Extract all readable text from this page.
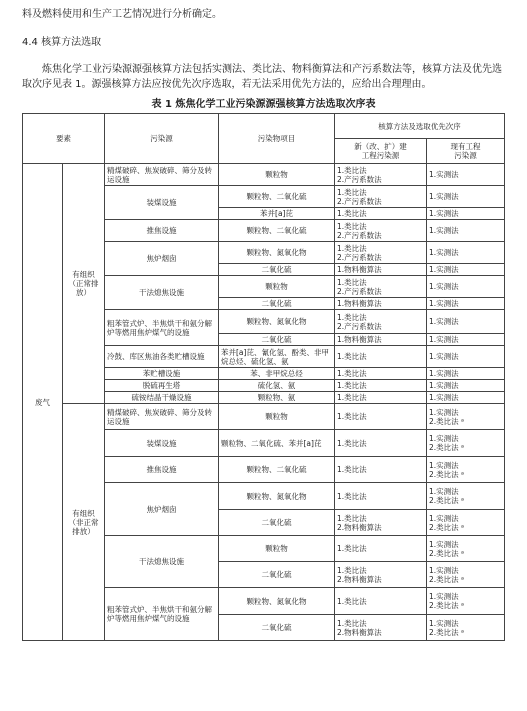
料及燃料使用和生产工艺情况进行分析确定。
4.4 核算方法选取
炼焦化学工业污染源源强核算方法包括实测法、类比法、物料衡算法和产污系数法等，核算方法及优先选取次序见表 1。源强核算方法应按优先次序选取，若无法采用优先方法的，应给出合理理由。
表 1 炼焦化学工业污染源源强核算方法选取次序表
要素		污染源	污染物项目	核算方法及选取优先次序	
				新（改、扩）建
工程污染源	现有工程
污染源
废气	有组织
（正常排
放）	精煤破碎、焦炭破碎、筛分及转运设施	颗粒物	1.类比法
2.产污系数法	1.实测法
		装煤设施	颗粒物、二氧化硫	1.类比法
2.产污系数法	1.实测法
			苯并[a]芘	1.类比法	1.实测法
		推焦设施	颗粒物、二氧化硫	1.类比法
2.产污系数法	1.实测法
		焦炉烟囱	颗粒物、氮氧化物	1.类比法
2.产污系数法	1.实测法
			二氧化硫	1.物料衡算法	1.实测法
		干法熄焦设施	颗粒物	1.类比法
2.产污系数法	1.实测法
			二氧化硫	1.物料衡算法	1.实测法
		粗苯管式炉、半焦烘干和氨分解炉等燃用焦炉煤气的设施	颗粒物、氮氧化物	1.类比法
2.产污系数法	1.实测法
			二氧化硫	1.物料衡算法	1.实测法
		冷鼓、库区焦油各类贮槽设施	苯并[a]芘、氰化氢、酚类、非甲烷总烃、硫化氢、氨	1.类比法	1.实测法
		苯贮槽设施	苯、非甲烷总烃	1.类比法	1.实测法
		脱硫再生塔	硫化氢、氨	1.类比法	1.实测法
		硫铵结晶干燥设施	颗粒物、氨	1.类比法	1.实测法
	有组织
（非正常
排放）	精煤破碎、焦炭破碎、筛分及转运设施	颗粒物	1.类比法	1.实测法
2.类比法 ᵃ
		装煤设施	颗粒物、二氧化硫、苯并[a]芘	1.类比法	1.实测法
2.类比法 ᵃ
		推焦设施	颗粒物、二氧化硫	1.类比法	1.实测法
2.类比法 ᵃ
		焦炉烟囱	颗粒物、氮氧化物	1.类比法	1.实测法
2.类比法 ᵃ
			二氧化硫	1.类比法
2.物料衡算法	1.实测法
2.类比法 ᵃ
		干法熄焦设施	颗粒物	1.类比法	1.实测法
2.类比法 ᵃ
			二氧化硫	1.类比法
2.物料衡算法	1.实测法
2.类比法 ᵃ
		粗苯管式炉、半焦烘干和氨分解炉等燃用焦炉煤气的设施	颗粒物、氮氧化物	1.类比法	1.实测法
2.类比法 ᵃ
			二氧化硫	1.类比法
2.物料衡算法	1.实测法
2.类比法 ᵃ
